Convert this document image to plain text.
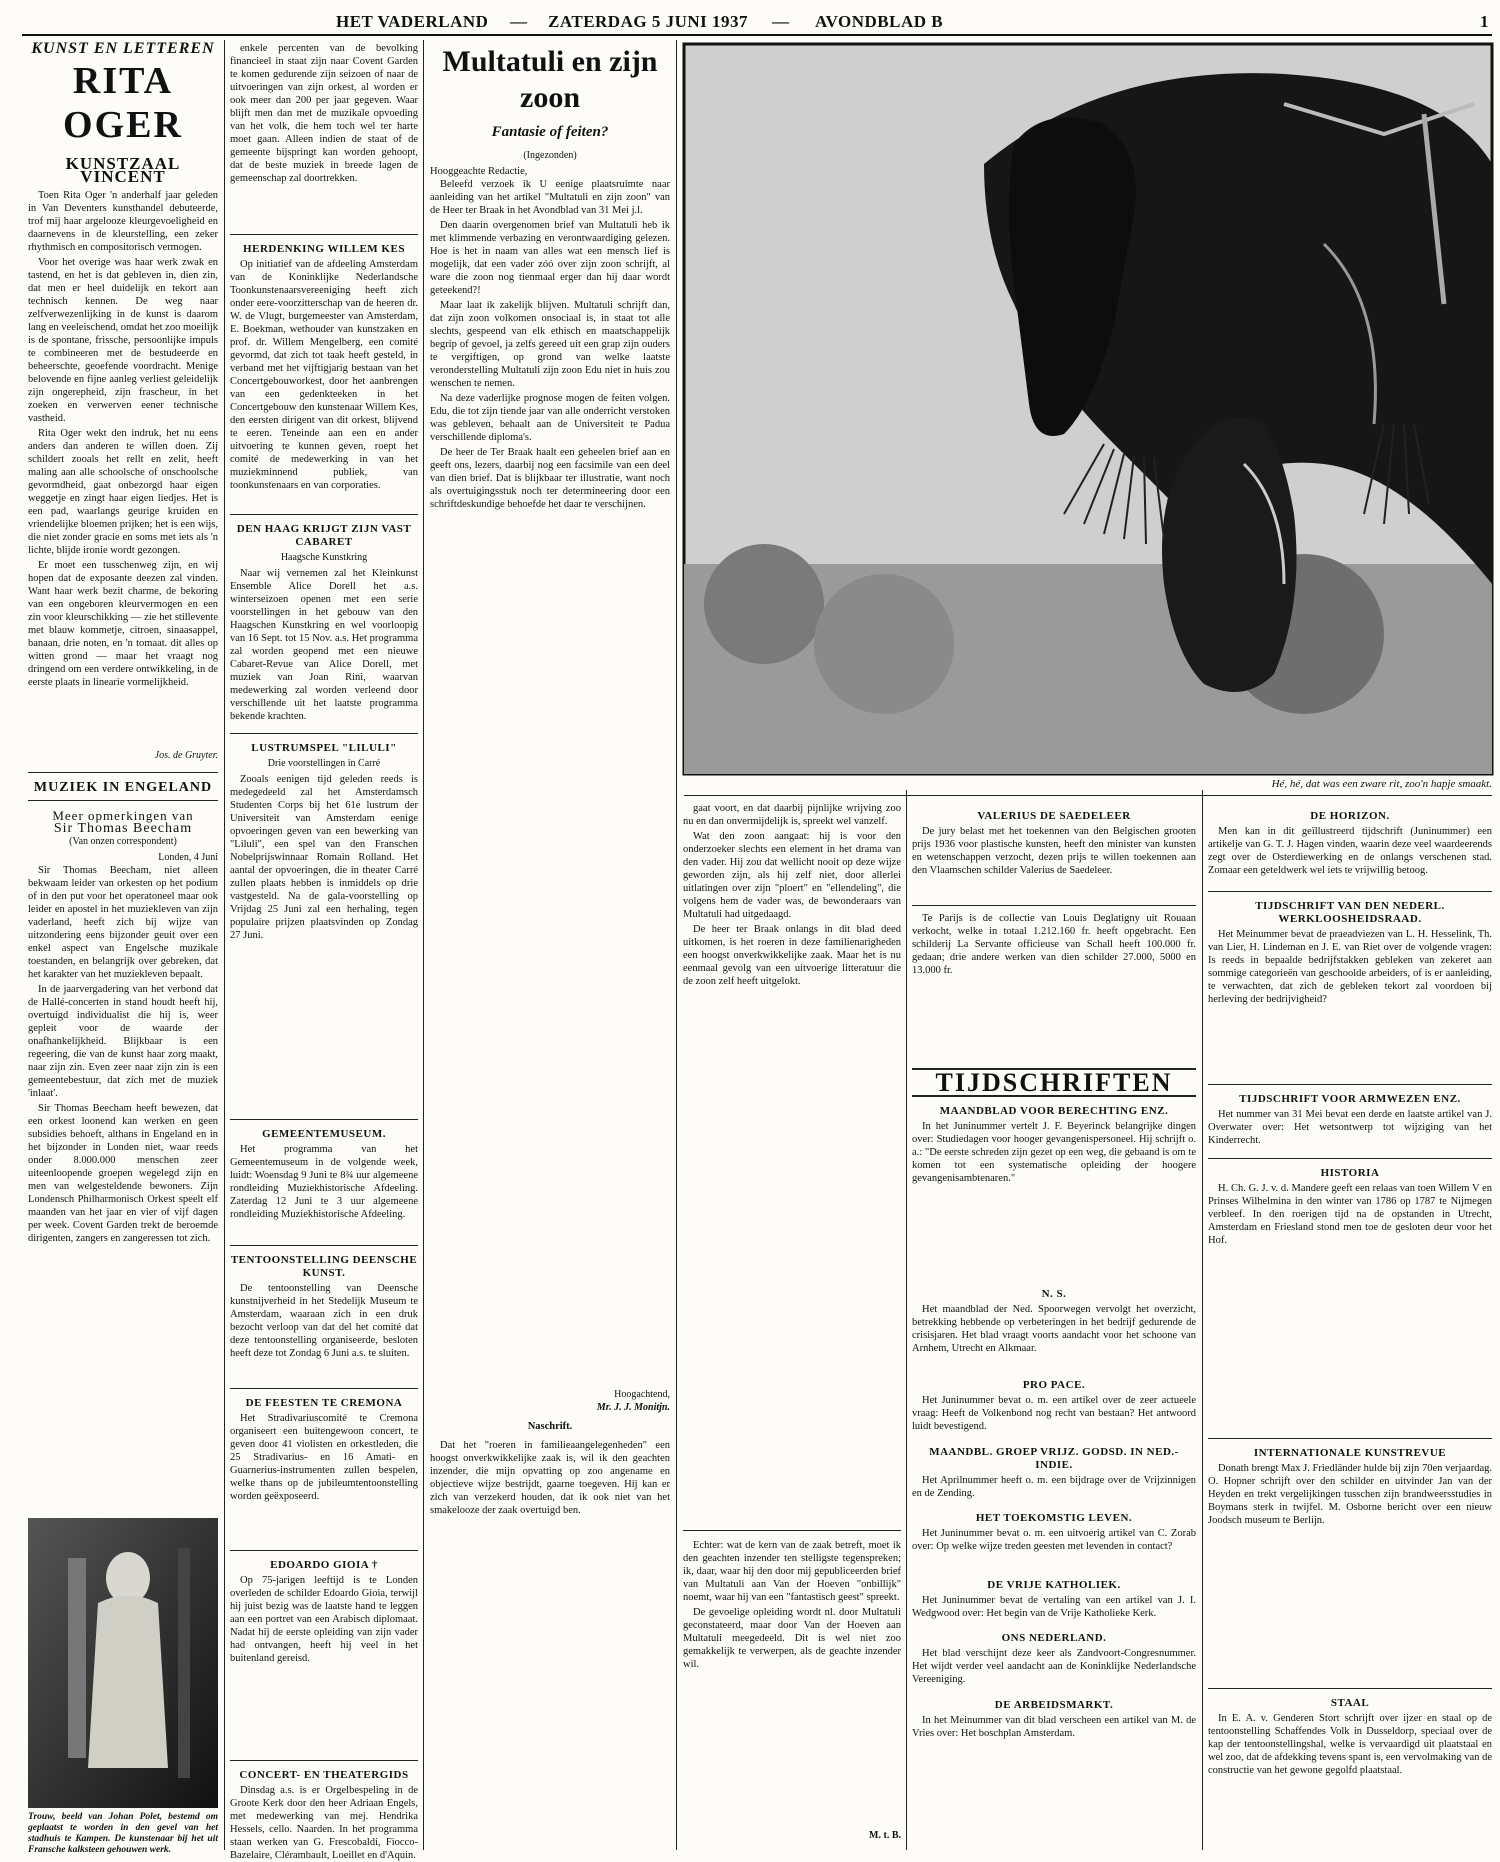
HET VADERLAND — ZATERDAG 5 JUNI 1937 — AVONDBLAD B	1
KUNST EN LETTEREN
RITA OGER
KUNSTZAAL VINCENT

Toen Rita Oger 'n anderhalf jaar geleden in Van Deventers kunsthandel debuteerde, trof mij haar argelooze kleurgevoeligheid en daarnevens in de kleurstelling, een zeker rhythmisch en compositorisch vermogen.

Voor het overige was haar werk zwak en tastend, en het is dat gebleven in, dien zin, dat men er heel duidelijk en tekort aan technisch kennen. De weg naar zelfverwezenlijking in de kunst is daarom lang en veeleischend, omdat het zoo moeilijk is de spontane, frissche, persoonlijke impuls te combineeren met de bestudeerde en beheerschte, geoefende voordracht. Menige belovende en fijne aanleg verliest geleidelijk zijn ongerepheid, zijn frascheur, in het zoeken en verwerven eener technische vastheid.

Rita Oger wekt den indruk, het nu eens anders dan anderen te willen doen. Zij schildert zooals het rellt en zelit, heeft maling aan alle schoolsche of onschoolsche gevormdheid, gaat onbezorgd haar eigen weggetje en zingt haar eigen liedjes. Het is een pad, waarlangs geurige kruiden en vriendelijke bloemen prijken; het is een wijs, die niet zonder gracie en soms met iets als 'n lichte, blijde ironie wordt gezongen.

Er moet een tusschenweg zijn, en wij hopen dat de exposante deezen zal vinden. Want haar werk bezit charme, de bekoring van een ongeboren kleurvermogen en een zin voor kleurschikking — zie het stillevente met blauw kommetje, citroen, sinaasappel, banaan, drie noten, en 'n tomaat. dit alles op witten grond — maar het vraagt nog dringend om een verdere ontwikkeling, in de eerste plaats in linearie vormelijkheid.

Jos. de Gruyter.
MUZIEK IN ENGELAND
Meer opmerkingen van
Sir Thomas Beecham
(Van onzen correspondent)
Londen, 4 Juni

Sir Thomas Beecham, niet alleen bekwaam leider van orkesten op het podium of in den put voor het operatoneel maar ook leider en apostel in het muziekleven van zijn vaderland, heeft zich bij wijze van uitzondering eens bijzonder geuit over een enkel aspect van Engelsche muzikale toestanden, en belangrijk over gebreken, dat het karakter van het muziekleven bepaalt.

In de jaarvergadering van het verbond dat de Hallé-concerten in stand houdt heeft hij, overtuigd individualist die hij is, weer gepleit voor de waarde der onafhankelijkheid. Blijkbaar is een regeering, die van de kunst haar zorg maakt, naar zijn zin. Even zeer naar zijn zin is een gemeentebestuur, dat zich met de muziek 'inlaat'.

Sir Thomas Beecham heeft bewezen, dat een orkest loonend kan werken en geen subsidies behoeft, althans in Engeland en in het bijzonder in Londen niet, waar reeds onder 8.000.000 menschen zeer uiteenloopende groepen wegelegd zijn en men van welgesteldende bewoners. Zijn Londensch Philharmonisch Orkest speelt elf maanden van het jaar en vier of vijf dagen per week. Covent Garden trekt de beroemde dirigenten, zangers en zangeressen tot zich.

Trouw, beeld van Johan Polet, bestemd om geplaatst te worden in den gevel van het stadhuis te Kampen. De kunstenaar bij het uit Fransche kalksteen gehouwen werk.

enkele percenten van de bevolking financieel in staat zijn naar Covent Garden te komen gedurende zijn seizoen of naar de uitvoeringen van zijn orkest, al worden er ook meer dan 200 per jaar gegeven. Waar blijft men dan met de muzikale opvoeding van het volk, die hem toch wel ter harte moet gaan. Alleen indien de staat of de gemeente bijspringt kan worden gehoopt, dat de beste muziek in breede lagen de gemeenschap zal doortrekken.

HERDENKING WILLEM KES

Op initiatief van de afdeeling Amsterdam van de Koninklijke Nederlandsche Toonkunstenaarsvereeniging heeft zich onder eere-voorzitterschap van de heeren dr. W. de Vlugt, burgemeester van Amsterdam, E. Boekman, wethouder van kunstzaken en prof. dr. Willem Mengelberg, een comité gevormd, dat zich tot taak heeft gesteld, in verband met het vijftigjarig bestaan van het Concertgebouworkest, door het aanbrengen van een gedenkteeken in het Concertgebouw den kunstenaar Willem Kes, den eersten dirigent van dit orkest, blijvend te eeren. Teneinde aan een en ander uitvoering te kunnen geven, roept het comité de medewerking in van het muziekminnend publiek, van toonkunstenaars en van corporaties.

DEN HAAG KRIJGT ZIJN VAST CABARET
Haagsche Kunstkring

Naar wij vernemen zal het Kleinkunst Ensemble Alice Dorell het a.s. winterseizoen openen met een serie voorstellingen in het gebouw van den Haagschen Kunstkring en wel voorloopig van 16 Sept. tot 15 Nov. a.s. Het programma zal worden geopend met een nieuwe Cabaret-Revue van Alice Dorell, met muziek van Joan Rini, waarvan medewerking zal worden verleend door verschillende uit het laatste programma bekende krachten.

LUSTRUMSPEL "LILULI"
Drie voorstellingen in Carré

Zooals eenigen tijd geleden reeds is medegedeeld zal het Amsterdamsch Studenten Corps bij het 61e lustrum der Universiteit van Amsterdam eenige opvoeringen geven van een bewerking van "Liluli", een spel van den Franschen Nobelprijswinnaar Romain Rolland. Het aantal der opvoeringen, die in theater Carré zullen plaats hebben is inmiddels op drie vastgesteld. Na de gala-voorstelling op Vrijdag 25 Juni zal een herhaling, tegen populaire prijzen plaatsvinden op Zondag 27 Juni.

GEMEENTEMUSEUM.

Het programma van het Gemeentemuseum in de volgende week, luidt: Woensdag 9 Juni te 8¾ uur algemeene rondleiding Muziekhistorische Afdeeling. Zaterdag 12 Juni te 3 uur algemeene rondleiding Muziekhistorische Afdeeling.

TENTOONSTELLING DEENSCHE KUNST.

De tentoonstelling van Deensche kunstnijverheid in het Stedelijk Museum te Amsterdam, waaraan zich in een druk bezocht verloop van dat del het comité dat deze tentoonstelling organiseerde, besloten heeft deze tot Zondag 6 Juni a.s. te sluiten.

DE FEESTEN TE CREMONA

Het Stradivariuscomité te Cremona organiseert een buitengewoon concert, te geven door 41 violisten en orkestleden, die 25 Stradivarius- en 16 Amati- en Guarnerius-instrumenten zullen bespelen, welke thans op de jubileumtentoonstelling worden geëxposeerd.

EDOARDO GIOIA †

Op 75-jarigen leeftijd is te Londen overleden de schilder Edoardo Gioia, terwijl hij juist bezig was de laatste hand te leggen aan een portret van een Arabisch diplomaat. Nadat hij de eerste opleiding van zijn vader had ontvangen, heeft hij veel in het buitenland gereisd.

CONCERT- EN THEATERGIDS

Dinsdag a.s. is er Orgelbespeling in de Groote Kerk door den heer Adriaan Engels, met medewerking van mej. Hendrika Hessels, cello. Naarden. In het programma staan werken van G. Frescobaldi, Fiocco-Bazelaire, Clérambault, Loeillet en d'Aquin.

Multatuli en zijn zoon
Fantasie of feiten?
(Ingezonden)
Hooggeachte Redactie,

Beleefd verzoek ik U eenige plaatsruimte naar aanleiding van het artikel "Multatuli en zijn zoon" van de Heer ter Braak in het Avondblad van 31 Mei j.l.

Den daarin overgenomen brief van Multatuli heb ik met klimmende verbazing en verontwaardiging gelezen. Hoe is het in naam van alles wat een mensch lief is mogelijk, dat een vader zóó over zijn zoon schrijft, al ware die zoon nog tienmaal erger dan hij daar wordt geteekend?!

Maar laat ik zakelijk blijven. Multatuli schrijft dan, dat zijn zoon volkomen onsociaal is, in staat tot alle slechts, gespeend van elk ethisch en maatschappelijk begrip of gevoel, ja zelfs gereed uit een grap zijn ouders te vergiftigen, op grond van welke laatste veronderstelling Multatuli zijn zoon Edu niet in huis zou wenschen te nemen.

Na deze vaderlijke prognose mogen de feiten volgen. Edu, die tot zijn tiende jaar van alle onderricht verstoken was gebleven, behaalt aan de Universiteit te Padua verschillende diploma's.

De heer de Ter Braak haalt een geheelen brief aan en geeft ons, lezers, daarbij nog een facsimile van een deel van dien brief. Dat is blijkbaar ter illustratie, want noch als overtuigingsstuk noch ter determineering door een schriftdeskundige behoefde het daar te verschijnen.

Hoogachtend,
Mr. J. J. Monitjn.
Naschrift.

Dat het "roeren in familieaangelegenheden" een hoogst onverkwikkelijke zaak is, wil ik den geachten inzender, die mijn opvatting op zoo angename en objectieve wijze bestrijdt, gaarne toegeven. Hij kan er zich van verzekerd houden, dat ik ook niet van het smakelooze der zaak overtuigd ben.

Hé, hé, dat was een zware rit, zoo'n hapje smaakt.

gaat voort, en dat daarbij pijnlijke wrijving zoo nu en dan onvermijdelijk is, spreekt wel vanzelf.

Wat den zoon aangaat: hij is voor den onderzoeker slechts een element in het drama van den vader. Hij zou dat wellicht nooit op deze wijze geworden zijn, als hij zelf niet, door allerlei uitlatingen over zijn "ploert" en "ellendeling", die volgens hem de vader was, de bewonderaars van Multatuli had uitgedaagd.

De heer ter Braak onlangs in dit blad deed uitkomen, is het roeren in deze familienarigheden een hoogst onverkwikkelijke zaak. Maar het is nu eenmaal gevolg van een uitvoerige litteratuur die de zoon zelf heeft uitgelokt.

Echter: wat de kern van de zaak betreft, moet ik den geachten inzender ten stelligste tegenspreken; ik, daar, waar hij den door mij gepubliceerden brief van Multatuli aan Van der Hoeven "onbillijk" noemt, waar hij van een "fantastisch geest" spreekt.

De gevoelige opleiding wordt nl. door Multatuli geconstateerd, maar door Van der Hoeven aan Multatuli meegedeeld. Dit is wel niet zoo gemakkelijk te verwerpen, als de geachte inzender wil.

M. t. B.
VALERIUS DE SAEDELEER

De jury belast met het toekennen van den Belgischen grooten prijs 1936 voor plastische kunsten, heeft den minister van kunsten en wetenschappen verzocht, dezen prijs te willen toekennen aan den Vlaamschen schilder Valerius de Saedeleer.

Te Parijs is de collectie van Louis Deglatigny uit Rouaan verkocht, welke in totaal 1.212.160 fr. heeft opgebracht. Een schilderij La Servante officieuse van Schall heeft 100.000 fr. gedaan; drie andere werken van dien schilder 27.000, 5000 en 13.000 fr.

TIJDSCHRIFTEN
MAANDBLAD VOOR BERECHTING ENZ.

In het Juninummer vertelt J. F. Beyerinck belangrijke dingen over: Studiedagen voor hooger gevangenispersoneel. Hij schrijft o. a.: "De eerste schreden zijn gezet op een weg, die gebaand is om te komen tot een systematische opleiding der hoogere gevangenisambtenaren."

N. S.

Het maandblad der Ned. Spoorwegen vervolgt het overzicht, betrekking hebbende op verbeteringen in het bedrijf gedurende de crisisjaren. Het blad vraagt voorts aandacht voor het schoone van Arnhem, Utrecht en Alkmaar.

PRO PACE.

Het Juninummer bevat o. m. een artikel over de zeer actueele vraag: Heeft de Volkenbond nog recht van bestaan? Het antwoord luidt bevestigend.

MAANDBL. GROEP VRIJZ. GODSD. IN NED.-INDIE.

Het Aprilnummer heeft o. m. een bijdrage over de Vrijzinnigen en de Zending.

HET TOEKOMSTIG LEVEN.

Het Juninummer bevat o. m. een uitvoerig artikel van C. Zorab over: Op welke wijze treden geesten met levenden in contact?

DE VRIJE KATHOLIEK.

Het Juninummer bevat de vertaling van een artikel van J. I. Wedgwood over: Het begin van de Vrije Katholieke Kerk.

ONS NEDERLAND.

Het blad verschijnt deze keer als Zandvoort-Congresnummer. Het wijdt verder veel aandacht aan de Koninklijke Nederlandsche Vereeniging.

DE ARBEIDSMARKT.

In het Meinummer van dit blad verscheen een artikel van M. de Vries over: Het boschplan Amsterdam.

DE HORIZON.

Men kan in dit geïllustreerd tijdschrift (Juninummer) een artikelje van G. T. J. Hagen vinden, waarin deze veel waardeerends zegt over de Osterdiewerking en de onlangs verschenen stad. Zomaar een geteldwerk wel iets te vrijwillig betoog.

TIJDSCHRIFT VAN DEN NEDERL. WERKLOOSHEIDSRAAD.

Het Meinummer bevat de praeadviezen van L. H. Hesselink, Th. van Lier, H. Lindeman en J. E. van Riet over de volgende vragen: Is reeds in bepaalde bedrijfstakken gebleken van zekeret aan sommige categorieën van geschoolde arbeiders, of is er aanleiding, te verwachten, dat zich de gebleken tekort zal voordoen bij herleving der bedrijvigheid?

TIJDSCHRIFT VOOR ARMWEZEN ENZ.

Het nummer van 31 Mei bevat een derde en laatste artikel van J. Overwater over: Het wetsontwerp tot wijziging van het Kinderrecht.

HISTORIA

H. Ch. G. J. v. d. Mandere geeft een relaas van toen Willem V en Prinses Wilhelmina in den winter van 1786 op 1787 te Nijmegen verbleef. In den roerigen tijd na de opstanden in Utrecht, Amsterdam en Friesland stond men toe de gesloten deur voor het Hof.

INTERNATIONALE KUNSTREVUE

Donath brengt Max J. Friedländer hulde bij zijn 70en verjaardag. O. Hopner schrijft over den schilder en uitvinder Jan van der Heyden en trekt vergelijkingen tusschen zijn brandweersstudies in Boymans sterk in twijfel. M. Osborne bericht over een nieuw Joodsch museum te Berlijn.

STAAL

In E. A. v. Genderen Stort schrijft over ijzer en staal op de tentoonstelling Schaffendes Volk in Dusseldorp, speciaal over de kap der tentoonstellingshal, welke is vervaardigd uit plaatstaal en wel zoo, dat de afdekking tevens spant is, een vervolmaking van de constructie van het gewone gegolfd plaatstaal.
